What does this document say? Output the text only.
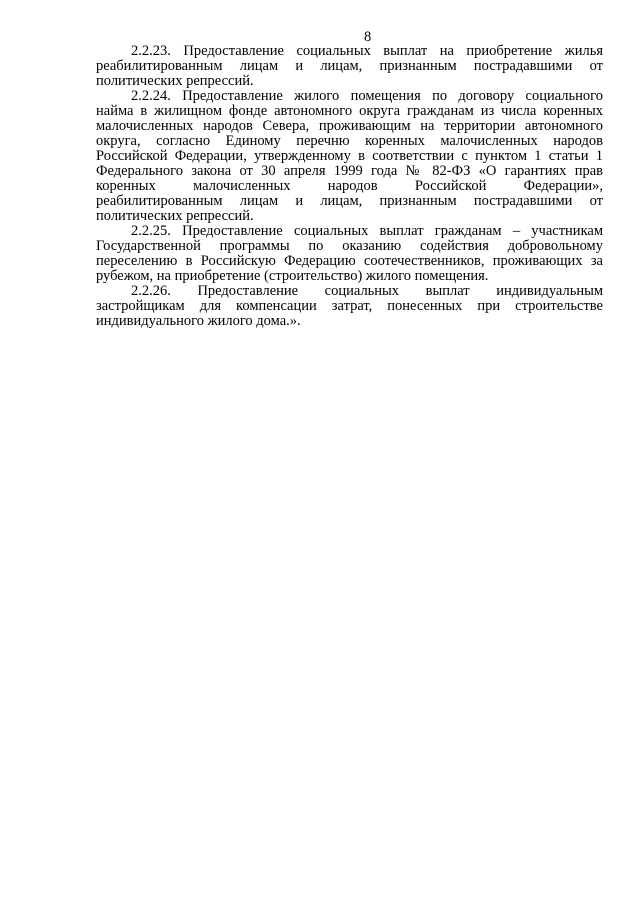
8
2.2.23. Предоставление социальных выплат на приобретение жилья
реабилитированным лицам и лицам, признанным пострадавшими от
политических репрессий.
2.2.24. Предоставление жилого помещения по договору социального
найма в жилищном фонде автономного округа гражданам из числа коренных
малочисленных народов Севера, проживающим на территории автономного
округа, согласно Единому перечню коренных малочисленных народов
Российской Федерации, утвержденному в соответствии с пунктом 1 статьи 1
Федерального закона от 30 апреля 1999 года № 82-ФЗ «О гарантиях прав
коренных малочисленных народов Российской Федерации»,
реабилитированным лицам и лицам, признанным пострадавшими от
политических репрессий.
2.2.25. Предоставление социальных выплат гражданам – участникам
Государственной программы по оказанию содействия добровольному
переселению в Российскую Федерацию соотечественников, проживающих за
рубежом, на приобретение (строительство) жилого помещения.
2.2.26. Предоставление социальных выплат индивидуальным
застройщикам для компенсации затрат, понесенных при строительстве
индивидуального жилого дома.».
